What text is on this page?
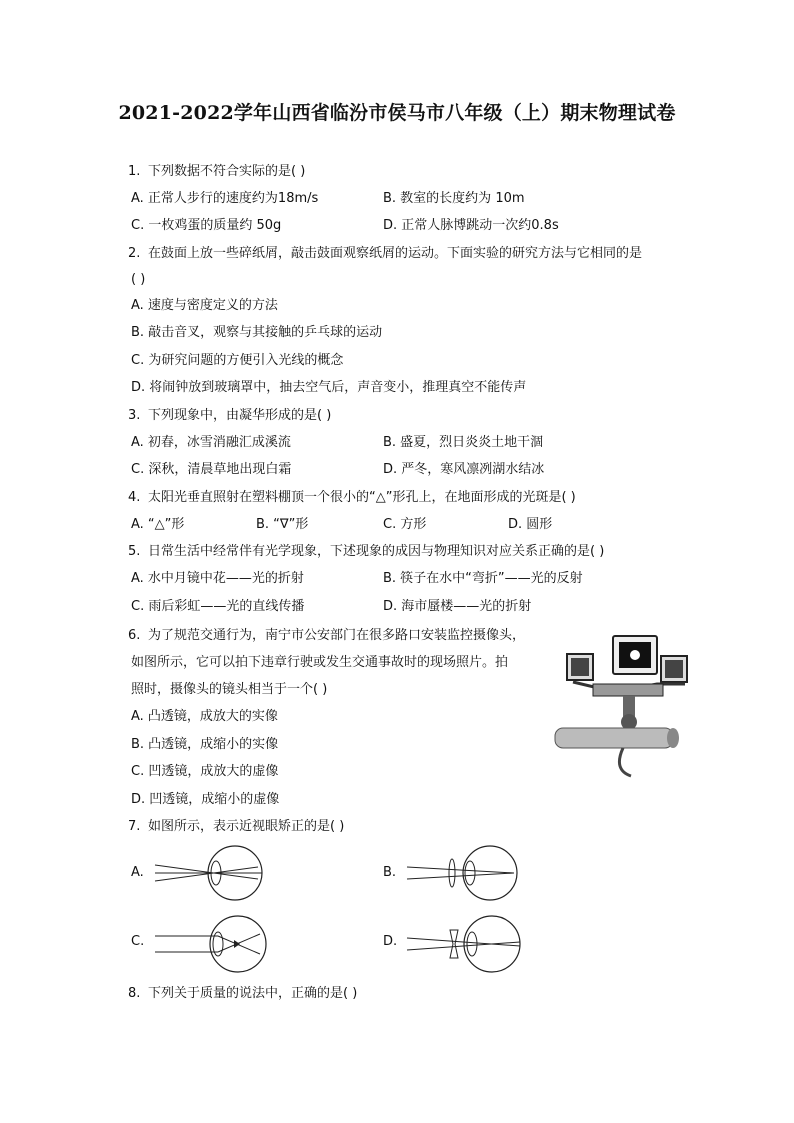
2021-2022学年山西省临汾市侯马市八年级（上）期末物理试卷
1. 下列数据不符合实际的是( )
A. 正常人步行的速度约为18m/s	B. 教室的长度约为 10m
C. 一枚鸡蛋的质量约 50g	D. 正常人脉博跳动一次约0.8s
2. 在鼓面上放一些碎纸屑，敲击鼓面观察纸屑的运动。下面实验的研究方法与它相同的是
( )
A. 速度与密度定义的方法
B. 敲击音叉，观察与其接触的乒乓球的运动
C. 为研究问题的方便引入光线的概念
D. 将闹钟放到玻璃罩中，抽去空气后，声音变小，推理真空不能传声
3. 下列现象中，由凝华形成的是( )
A. 初春，冰雪消融汇成溪流	B. 盛夏，烈日炎炎土地干涸
C. 深秋，清晨草地出现白霜	D. 严冬，寒风凛冽湖水结冰
4. 太阳光垂直照射在塑料棚顶一个很小的“△”形孔上，在地面形成的光斑是( )
A. “△”形	B. “∇”形	C. 方形	D. 圆形
5. 日常生活中经常伴有光学现象，下述现象的成因与物理知识对应关系正确的是( )
A. 水中月镜中花——光的折射	B. 筷子在水中“弯折”——光的反射
C. 雨后彩虹——光的直线传播	D. 海市蜃楼——光的折射
6. 为了规范交通行为，南宁市公安部门在很多路口安装监控摄像头，
如图所示，它可以拍下违章行驶或发生交通事故时的现场照片。拍
照时，摄像头的镜头相当于一个( )
A. 凸透镜，成放大的实像
B. 凸透镜，成缩小的实像
C. 凹透镜，成放大的虚像
D. 凹透镜，成缩小的虚像
7. 如图所示，表示近视眼矫正的是( )
A.	B.
C.	D.
8. 下列关于质量的说法中，正确的是( )
